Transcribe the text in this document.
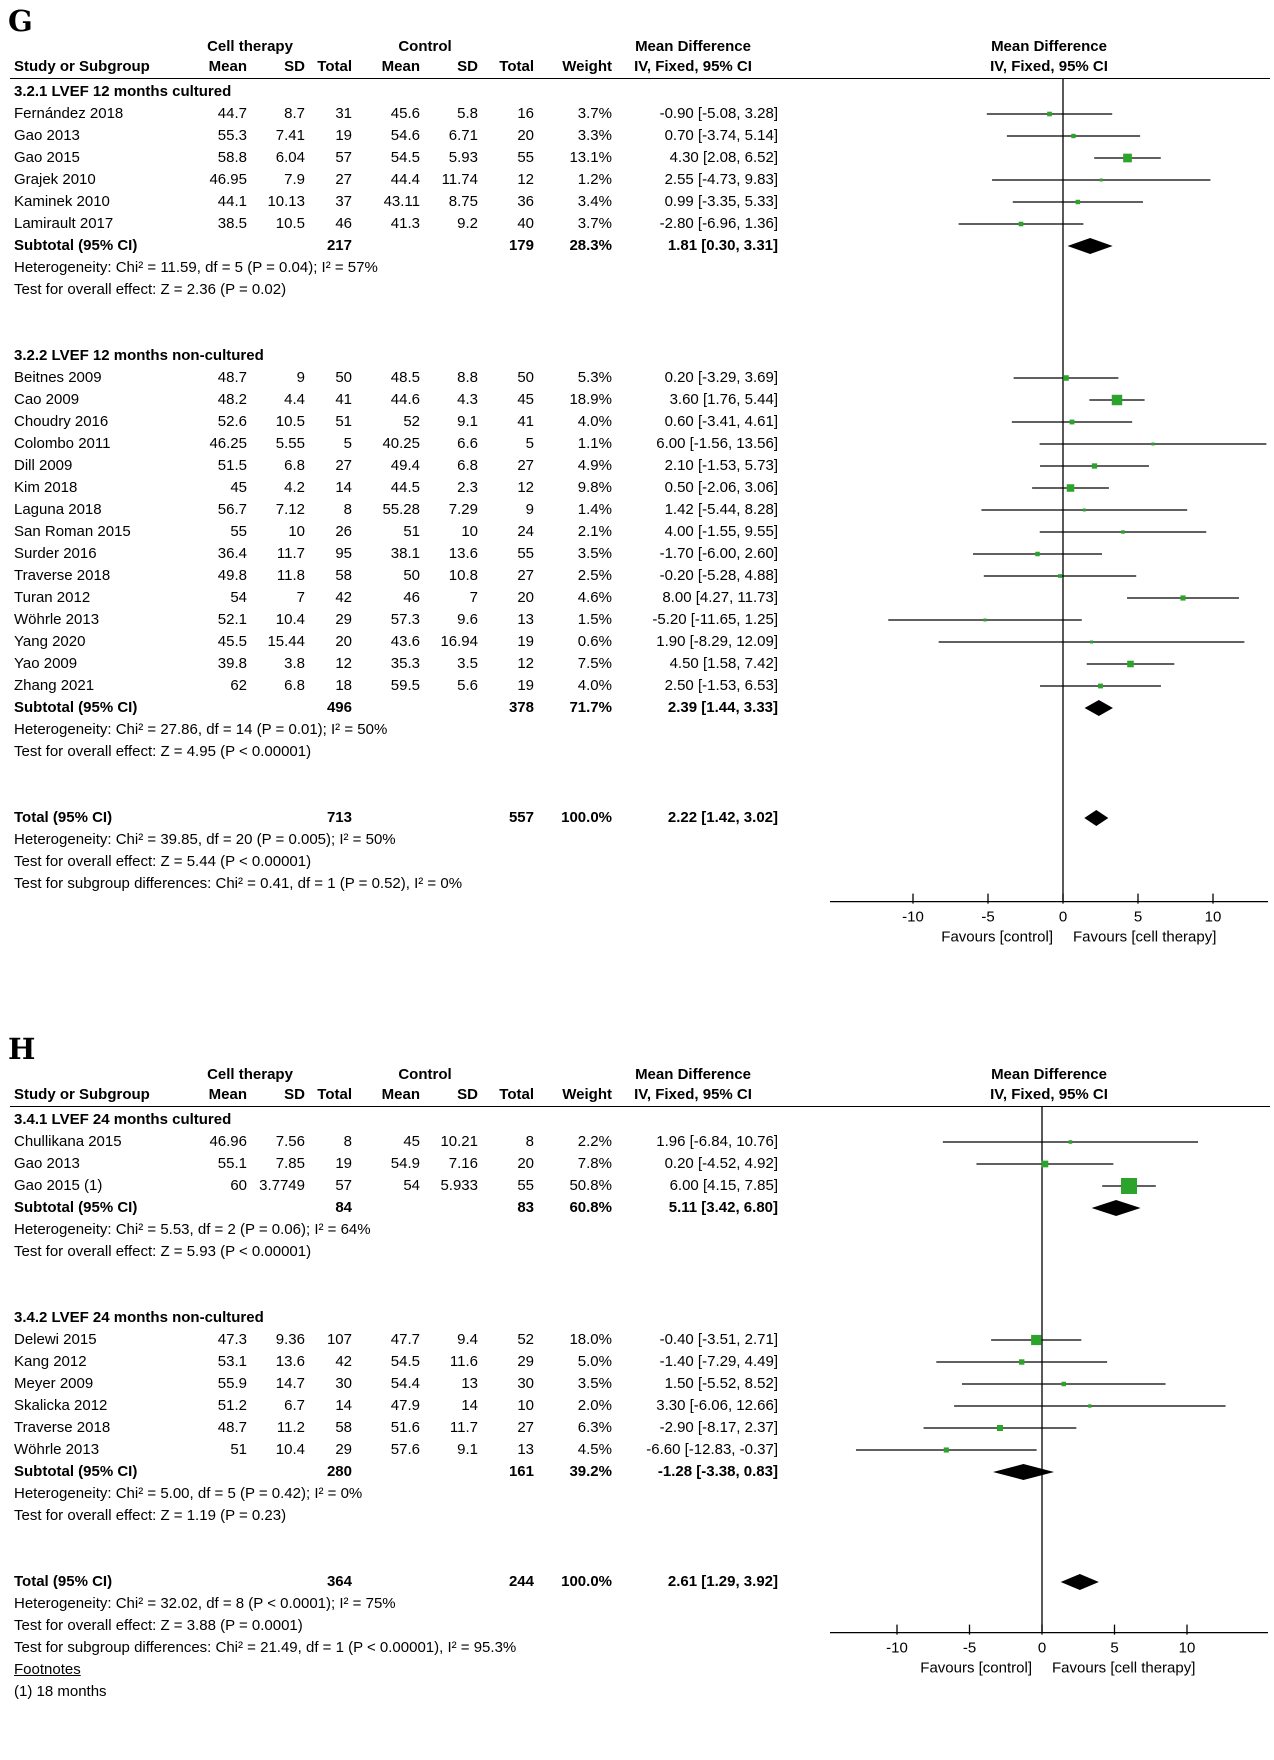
G
Cell therapy	Control	Mean Difference	Mean Difference
Study or Subgroup	Mean	SD Total	Mean	SD	Total	Weight	IV, Fixed, 95% CI	IV, Fixed, 95% CI
-10	-5	0	5	10
Favours [control] Favours [cell therapy]
3.2.1 LVEF 12 months cultured
Fernández 2018	44.7	8.7	31	45.6	5.8	16	3.7%	-0.90 [-5.08, 3.28]
Gao 2013	55.3	7.41	19	54.6	6.71	20	3.3%	0.70 [-3.74, 5.14]
Gao 2015	58.8	6.04	57	54.5	5.93	55	13.1%	4.30 [2.08, 6.52]
Grajek 2010	46.95	7.9	27	44.4	11.74	12	1.2%	2.55 [-4.73, 9.83]
Kaminek 2010	44.1	10.13	37	43.11	8.75	36	3.4%	0.99 [-3.35, 5.33]
Lamirault 2017	38.5	10.5	46	41.3	9.2	40	3.7%	-2.80 [-6.96, 1.36]
Subtotal (95% CI)	217	179	28.3%	1.81 [0.30, 3.31]
Heterogeneity: Chi² = 11.59, df = 5 (P = 0.04); I² = 57%
Test for overall effect: Z = 2.36 (P = 0.02)
3.2.2 LVEF 12 months non-cultured
Beitnes 2009	48.7	9	50	48.5	8.8	50	5.3%	0.20 [-3.29, 3.69]
Cao 2009	48.2	4.4	41	44.6	4.3	45	18.9%	3.60 [1.76, 5.44]
Choudry 2016	52.6	10.5	51	52	9.1	41	4.0%	0.60 [-3.41, 4.61]
Colombo 2011	46.25	5.55	5	40.25	6.6	5	1.1%	6.00 [-1.56, 13.56]
Dill 2009	51.5	6.8	27	49.4	6.8	27	4.9%	2.10 [-1.53, 5.73]
Kim 2018	45	4.2	14	44.5	2.3	12	9.8%	0.50 [-2.06, 3.06]
Laguna 2018	56.7	7.12	8	55.28	7.29	9	1.4%	1.42 [-5.44, 8.28]
San Roman 2015	55	10	26	51	10	24	2.1%	4.00 [-1.55, 9.55]
Surder 2016	36.4	11.7	95	38.1	13.6	55	3.5%	-1.70 [-6.00, 2.60]
Traverse 2018	49.8	11.8	58	50	10.8	27	2.5%	-0.20 [-5.28, 4.88]
Turan 2012	54	7	42	46	7	20	4.6%	8.00 [4.27, 11.73]
Wöhrle 2013	52.1	10.4	29	57.3	9.6	13	1.5%	-5.20 [-11.65, 1.25]
Yang 2020	45.5	15.44	20	43.6	16.94	19	0.6%	1.90 [-8.29, 12.09]
Yao 2009	39.8	3.8	12	35.3	3.5	12	7.5%	4.50 [1.58, 7.42]
Zhang 2021	62	6.8	18	59.5	5.6	19	4.0%	2.50 [-1.53, 6.53]
Subtotal (95% CI)	496	378	71.7%	2.39 [1.44, 3.33]
Heterogeneity: Chi² = 27.86, df = 14 (P = 0.01); I² = 50%
Test for overall effect: Z = 4.95 (P < 0.00001)
Total (95% CI)	713	557	100.0%	2.22 [1.42, 3.02]
Heterogeneity: Chi² = 39.85, df = 20 (P = 0.005); I² = 50%
Test for overall effect: Z = 5.44 (P < 0.00001)
Test for subgroup differences: Chi² = 0.41, df = 1 (P = 0.52), I² = 0%
H
Cell therapy	Control	Mean Difference	Mean Difference
Study or Subgroup	Mean	SD Total	Mean	SD	Total	Weight	IV, Fixed, 95% CI	IV, Fixed, 95% CI
-10	-5	0	5	10
Favours [control] Favours [cell therapy]
3.4.1 LVEF 24 months cultured
Chullikana 2015	46.96	7.56	8	45	10.21	8	2.2%	1.96 [-6.84, 10.76]
Gao 2013	55.1	7.85	19	54.9	7.16	20	7.8%	0.20 [-4.52, 4.92]
Gao 2015 (1)	60 3.7749	57	54	5.933	55	50.8%	6.00 [4.15, 7.85]
Subtotal (95% CI)	84	83	60.8%	5.11 [3.42, 6.80]
Heterogeneity: Chi² = 5.53, df = 2 (P = 0.06); I² = 64%
Test for overall effect: Z = 5.93 (P < 0.00001)
3.4.2 LVEF 24 months non-cultured
Delewi 2015	47.3	9.36	107	47.7	9.4	52	18.0%	-0.40 [-3.51, 2.71]
Kang 2012	53.1	13.6	42	54.5	11.6	29	5.0%	-1.40 [-7.29, 4.49]
Meyer 2009	55.9	14.7	30	54.4	13	30	3.5%	1.50 [-5.52, 8.52]
Skalicka 2012	51.2	6.7	14	47.9	14	10	2.0%	3.30 [-6.06, 12.66]
Traverse 2018	48.7	11.2	58	51.6	11.7	27	6.3%	-2.90 [-8.17, 2.37]
Wöhrle 2013	51	10.4	29	57.6	9.1	13	4.5%	-6.60 [-12.83, -0.37]
Subtotal (95% CI)	280	161	39.2%	-1.28 [-3.38, 0.83]
Heterogeneity: Chi² = 5.00, df = 5 (P = 0.42); I² = 0%
Test for overall effect: Z = 1.19 (P = 0.23)
Total (95% CI)	364	244	100.0%	2.61 [1.29, 3.92]
Heterogeneity: Chi² = 32.02, df = 8 (P < 0.0001); I² = 75%
Test for overall effect: Z = 3.88 (P = 0.0001)
Test for subgroup differences: Chi² = 21.49, df = 1 (P < 0.00001), I² = 95.3%
Footnotes
(1) 18 months
